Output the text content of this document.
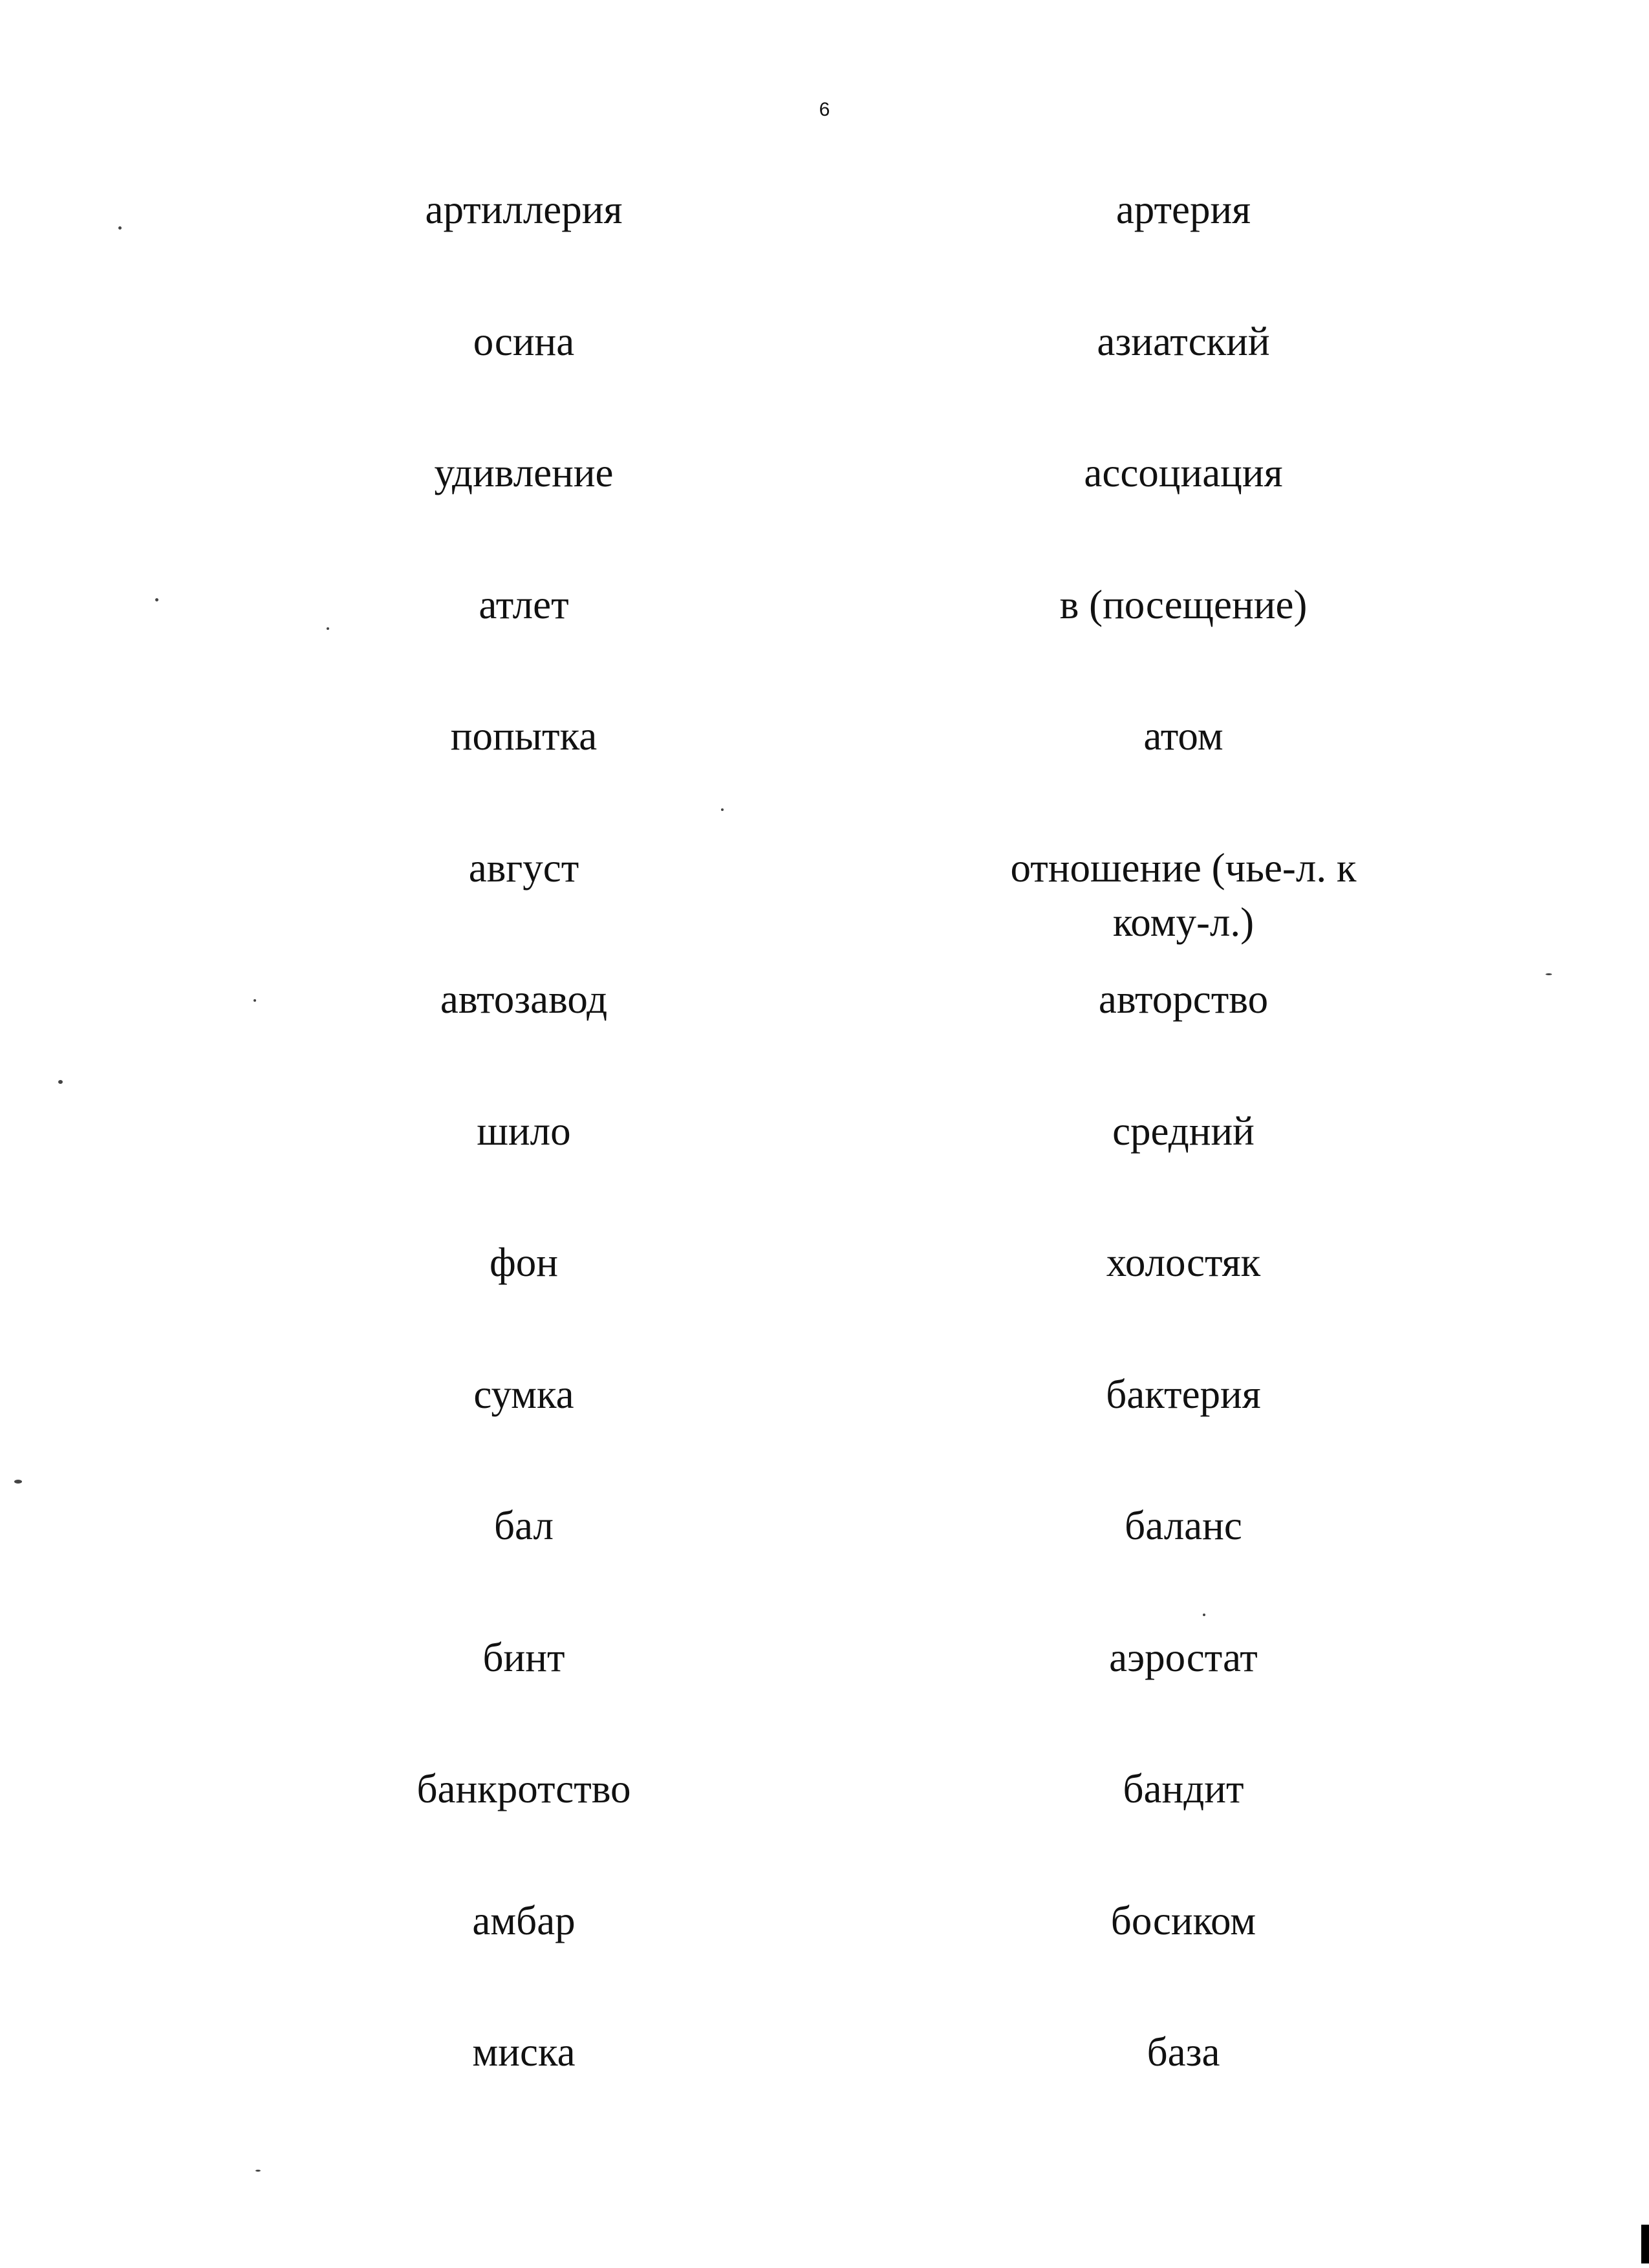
6
артиллерия	артерия
осина	азиатский
удивление	ассоциация
атлет	в (посещение)
попытка	атом
август	отношение (чье-л. к
кому-л.)
автозавод	авторство
шило	средний
фон	холостяк
сумка	бактерия
бал	баланс
бинт	аэростат
банкротство	бандит
амбар	босиком
миска	база
